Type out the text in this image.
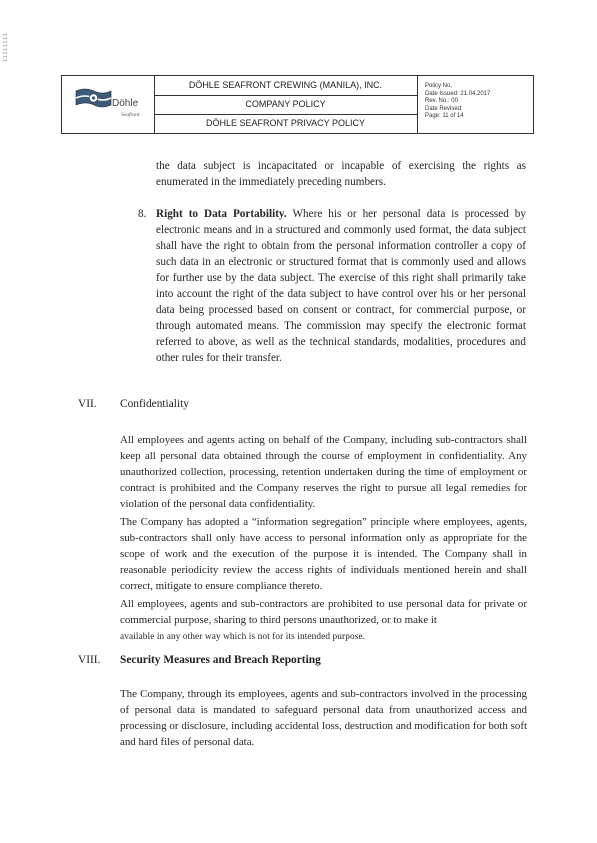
11111111
Döhle
Seafront
DÖHLE SEAFRONT CREWING (MANILA), INC.
COMPANY POLICY
DÖHLE SEAFRONT PRIVACY POLICY
Policy No.
Date Issued: 21.04.2017
Rev. No.: 00
Date Revised:
Page: 11 of 14
the data subject is incapacitated or incapable of exercising the rights as enumerated in the immediately preceding numbers.
8. Right to Data Portability. Where his or her personal data is processed by electronic means and in a structured and commonly used format, the data subject shall have the right to obtain from the personal information controller a copy of such data in an electronic or structured format that is commonly used and allows for further use by the data subject. The exercise of this right shall primarily take into account the right of the data subject to have control over his or her personal data being processed based on consent or contract, for commercial purpose, or through automated means. The commission may specify the electronic format referred to above, as well as the technical standards, modalities, procedures and other rules for their transfer.
VII. Confidentiality
All employees and agents acting on behalf of the Company, including sub-contractors shall keep all personal data obtained through the course of employment in confidentiality. Any unauthorized collection, processing, retention undertaken during the time of employment or contract is prohibited and the Company reserves the right to pursue all legal remedies for violation of the personal data confidentiality.
The Company has adopted a “information segregation” principle where employees, agents, sub-contractors shall only have access to personal information only as appropriate for the scope of work and the execution of the purpose it is intended. The Company shall in reasonable periodicity review the access rights of individuals mentioned herein and shall correct, mitigate to ensure compliance thereto.
All employees, agents and sub-contractors are prohibited to use personal data for private or commercial purpose, sharing to third persons unauthorized, or to make it
available in any other way which is not for its intended purpose.
VIII. Security Measures and Breach Reporting
The Company, through its employees, agents and sub-contractors involved in the processing of personal data is mandated to safeguard personal data from unauthorized access and processing or disclosure, including accidental loss, destruction and modification for both soft and hard files of personal data.
